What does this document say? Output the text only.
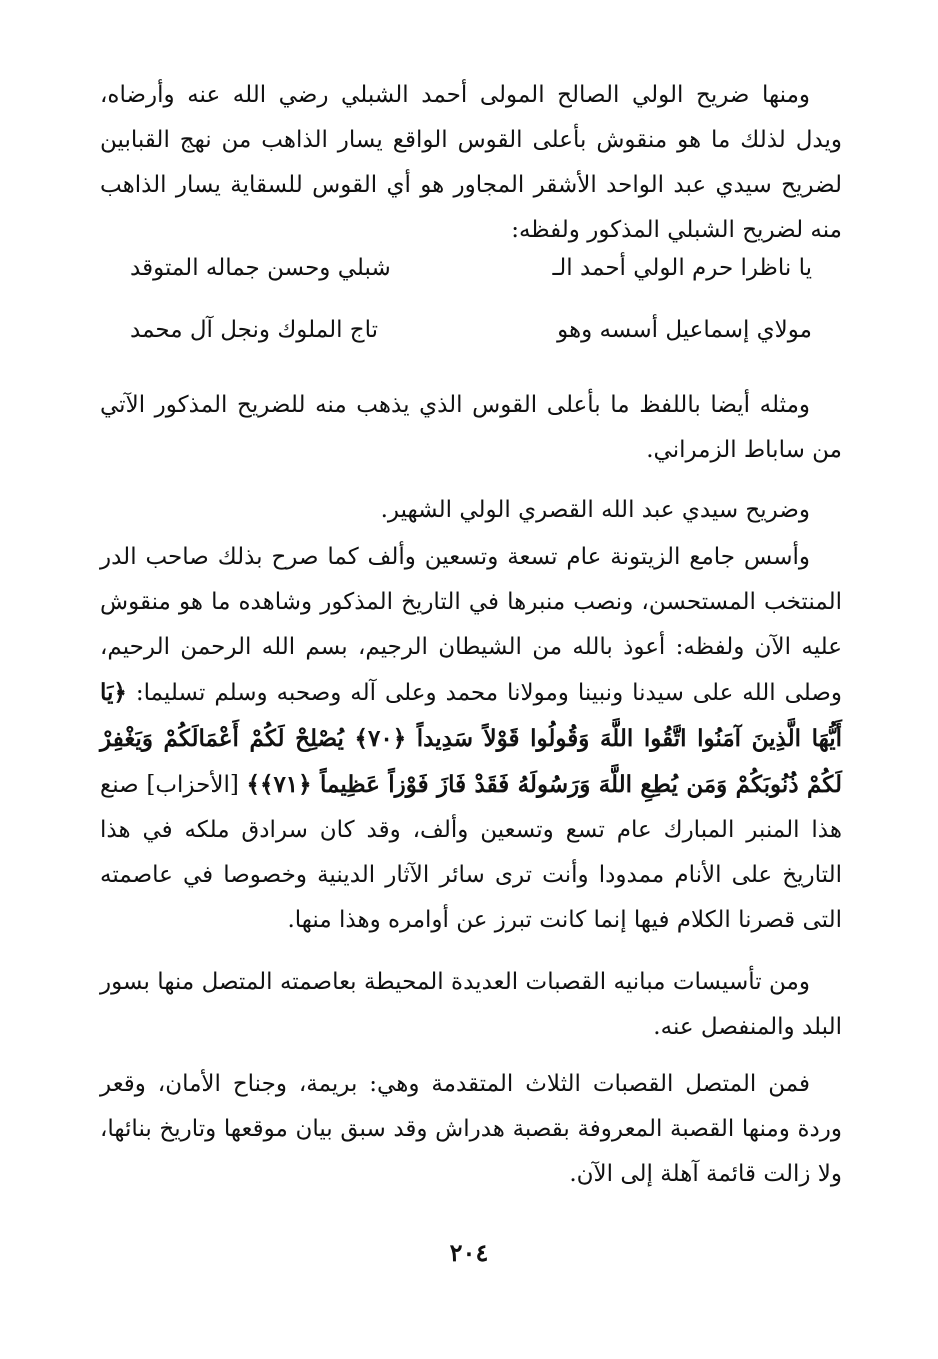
ومنها ضريح الولي الصالح المولى أحمد الشبلي رضي الله عنه وأرضاه، ويدل لذلك ما هو منقوش بأعلى القوس الواقع يسار الذاهب من نهج القبابين لضريح سيدي عبد الواحد الأشقر المجاور هو أي القوس للسقاية يسار الذاهب منه لضريح الشبلي المذكور ولفظه:

يا ناظرا حرم الولي أحمد الـ
شبلي وحسن جماله المتوقد
مولاي إسماعيل أسسه وهو
تاج الملوك ونجل آل محمد

ومثله أيضا باللفظ ما بأعلى القوس الذي يذهب منه للضريح المذكور الآتي من ساباط الزمراني.

وضريح سيدي عبد الله القصري الولي الشهير.

وأسس جامع الزيتونة عام تسعة وتسعين وألف كما صرح بذلك صاحب الدر المنتخب المستحسن، ونصب منبرها في التاريخ المذكور وشاهده ما هو منقوش عليه الآن ولفظه: أعوذ بالله من الشيطان الرجيم، بسم الله الرحمن الرحيم، وصلى الله على سيدنا ونبينا ومولانا محمد وعلى آله وصحبه وسلم تسليما: ﴿يَا أَيُّهَا الَّذِينَ آمَنُوا اتَّقُوا اللَّهَ وَقُولُوا قَوْلاً سَدِيداً ﴿٧٠﴾ يُصْلِحْ لَكُمْ أَعْمَالَكُمْ وَيَغْفِرْ لَكُمْ ذُنُوبَكُمْ وَمَن يُطِعِ اللَّهَ وَرَسُولَهُ فَقَدْ فَازَ فَوْزاً عَظِيماً ﴿٧١﴾﴾ [الأحزاب] صنع هذا المنبر المبارك عام تسع وتسعين وألف، وقد كان سرادق ملكه في هذا التاريخ على الأنام ممدودا وأنت ترى سائر الآثار الدينية وخصوصا في عاصمته التى قصرنا الكلام فيها إنما كانت تبرز عن أوامره وهذا منها.

ومن تأسيسات مبانيه القصبات العديدة المحيطة بعاصمته المتصل منها بسور البلد والمنفصل عنه.

فمن المتصل القصبات الثلاث المتقدمة وهي: بريمة، وجناح الأمان، وقعر وردة ومنها القصبة المعروفة بقصبة هدراش وقد سبق بيان موقعها وتاريخ بنائها، ولا زالت قائمة آهلة إلى الآن.

٢٠٤
